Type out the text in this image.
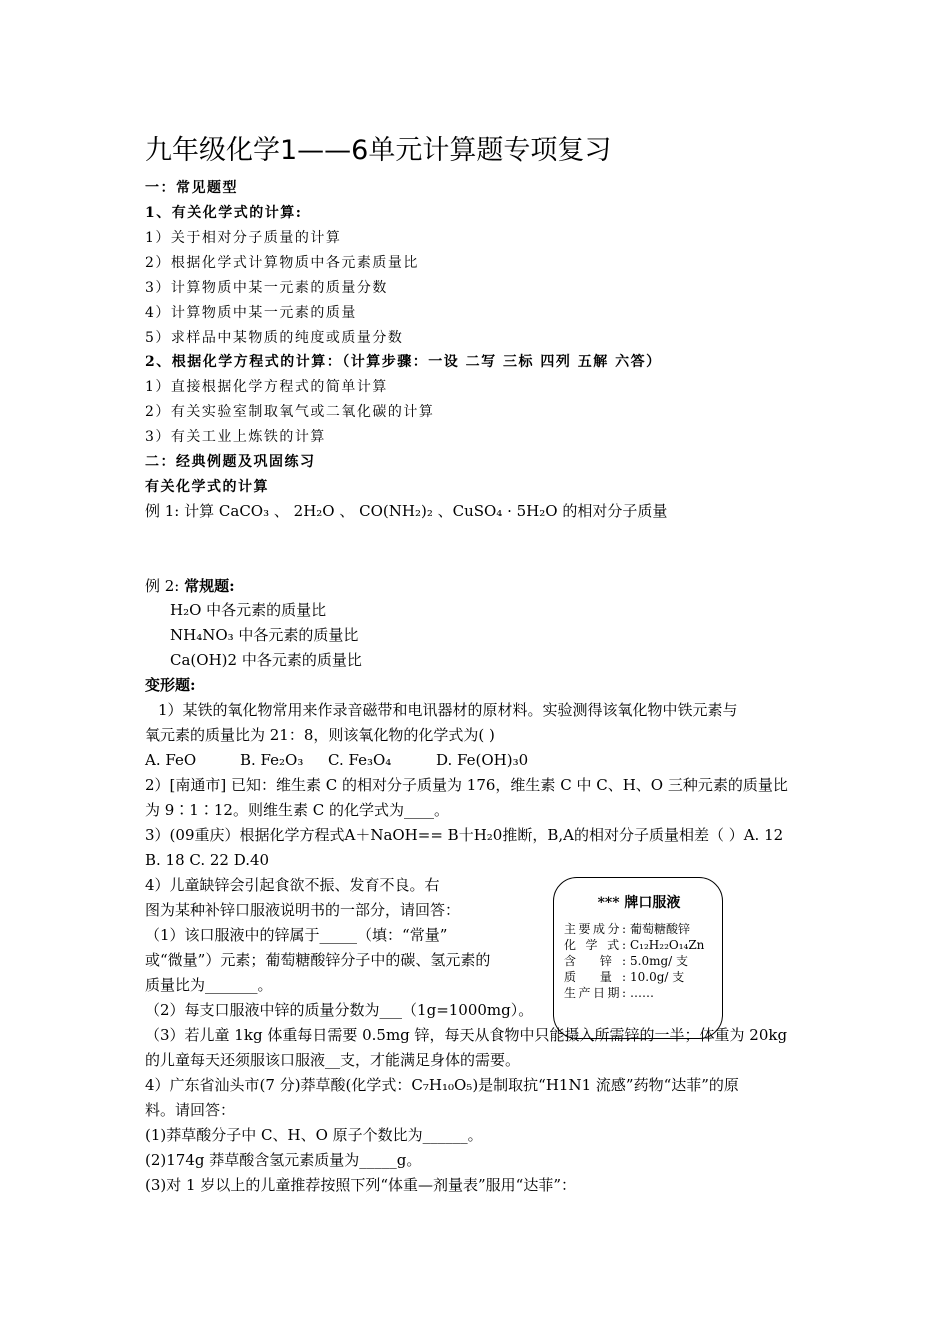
九年级化学1——6单元计算题专项复习
一：常见题型
1、有关化学式的计算:
1）关于相对分子质量的计算
2）根据化学式计算物质中各元素质量比
3）计算物质中某一元素的质量分数
4）计算物质中某一元素的质量
5）求样品中某物质的纯度或质量分数
2、根据化学方程式的计算：（计算步骤：一设 二写 三标 四列 五解 六答）
1）直接根据化学方程式的简单计算
2）有关实验室制取氧气或二氧化碳的计算
3）有关工业上炼铁的计算
二：经典例题及巩固练习
有关化学式的计算
例 1: 计算 CaCO₃ 、 2H₂O 、 CO(NH₂)₂ 、CuSO₄ · 5H₂O 的相对分子质量
例 2: 常规题:
H₂O 中各元素的质量比
NH₄NO₃ 中各元素的质量比
Ca(OH)2 中各元素的质量比
变形题:
1）某铁的氧化物常用来作录音磁带和电讯器材的原材料。实验测得该氧化物中铁元素与
氧元素的质量比为 21：8，则该氧化物的化学式为( )
A. FeO	B. Fe₂O₃ C. Fe₃O₄	D. Fe(OH)₃0
2）[南通市] 已知：维生素 C 的相对分子质量为 176，维生素 C 中 C、H、O 三种元素的质量比
为 9∶1∶12。则维生素 C 的化学式为____。
3）(09重庆）根据化学方程式A＋NaOH== B十H₂0推断，B,A的相对分子质量相差（ ）A. 12
B. 18 C. 22 D.40
4）儿童缺锌会引起食欲不振、发育不良。右
图为某种补锌口服液说明书的一部分，请回答：
（1）该口服液中的锌属于_____（填：“常量”
或“微量”）元素；葡萄糖酸锌分子中的碳、氢元素的
质量比为_______。
（2）每支口服液中锌的质量分数为___（1g=1000mg）。
（3）若儿童 1kg 体重每日需要 0.5mg 锌，每天从食物中只能摄入所需锌的一半；体重为 20kg
的儿童每天还须服该口服液__支，才能满足身体的需要。
4）广东省汕头市(7 分)莽草酸(化学式：C₇H₁₀O₅)是制取抗“H1N1 流感”药物“达菲”的原
料。请回答：
(1)莽草酸分子中 C、H、O 原子个数比为______。
(2)174g 莽草酸含氢元素质量为_____g。
(3)对 1 岁以上的儿童推荐按照下列“体重—剂量表”服用“达菲”：
*** 牌口服液
主要成分: 葡萄糖酸锌
化 学 式: C₁₂H₂₂O₁₄Zn
含 锌: 5.0mg/ 支
质 量: 10.0g/ 支
生产日期: ……
